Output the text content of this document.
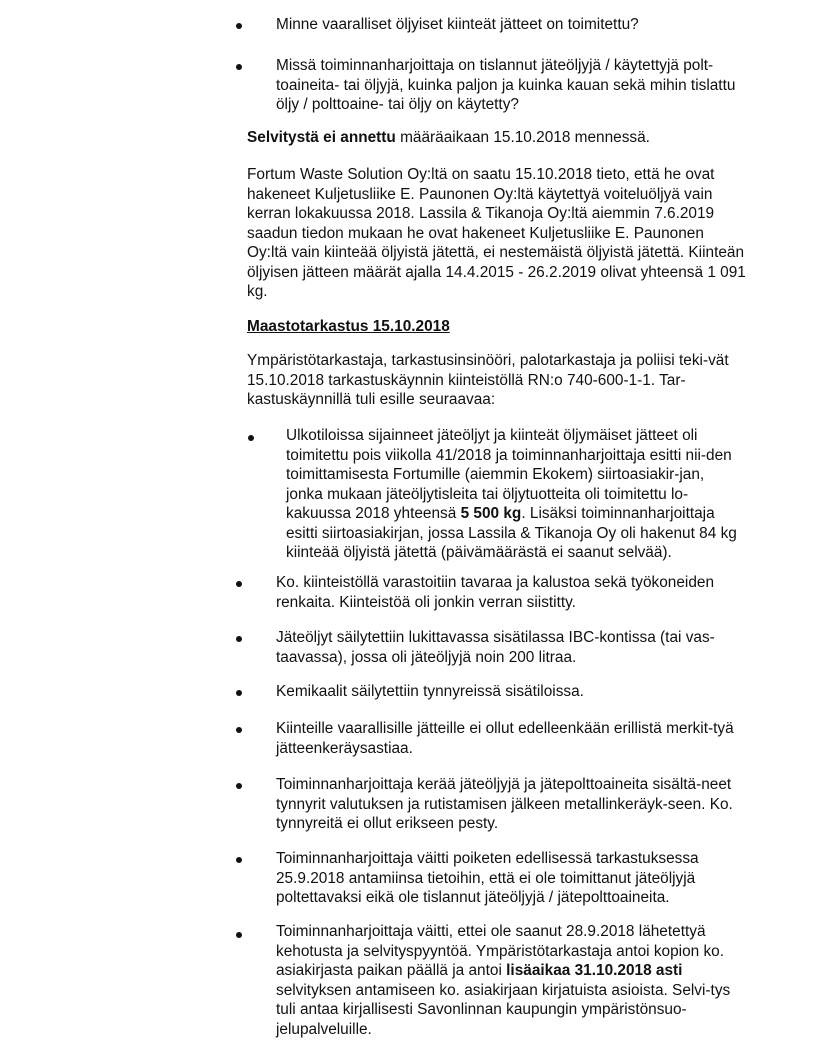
Minne vaaralliset öljyiset kiinteät jätteet on toimitettu?

Missä toiminnanharjoittaja on tislannut jäteöljyjä / käytettyjä polt-toaineita- tai öljyjä, kuinka paljon ja kuinka kauan sekä mihin tislattu öljy / polttoaine- tai öljy on käytetty?

Selvitystä ei annettu määräaikaan 15.10.2018 mennessä.

Fortum Waste Solution Oy:ltä on saatu 15.10.2018 tieto, että he ovat hakeneet Kuljetusliike E. Paunonen Oy:ltä käytettyä voiteluöljyä vain kerran lokakuussa 2018. Lassila & Tikanoja Oy:ltä aiemmin 7.6.2019 saadun tiedon mukaan he ovat hakeneet Kuljetusliike E. Paunonen Oy:ltä vain kiinteää öljyistä jätettä, ei nestemäistä öljyistä jätettä. Kiinteän öljyisen jätteen määrät ajalla 14.4.2015 - 26.2.2019 olivat yhteensä 1 091 kg.

Maastotarkastus 15.10.2018

Ympäristötarkastaja, tarkastusinsinööri, palotarkastaja ja poliisi teki-vät 15.10.2018 tarkastuskäynnin kiinteistöllä RN:o 740-600-1-1. Tar-kastuskäynnillä tuli esille seuraavaa:

Ulkotiloissa sijainneet jäteöljyt ja kiinteät öljymäiset jätteet oli toimitettu pois viikolla 41/2018 ja toiminnanharjoittaja esitti nii-den toimittamisesta Fortumille (aiemmin Ekokem) siirtoasiakir-jan, jonka mukaan jäteöljytisleita tai öljytuotteita oli toimitettu lo-kakuussa 2018 yhteensä 5 500 kg. Lisäksi toiminnanharjoittaja esitti siirtoasiakirjan, jossa Lassila & Tikanoja Oy oli hakenut 84 kg kiinteää öljyistä jätettä (päivämäärästä ei saanut selvää).

Ko. kiinteistöllä varastoitiin tavaraa ja kalustoa sekä työkoneiden renkaita. Kiinteistöä oli jonkin verran siistitty.

Jäteöljyt säilytettiin lukittavassa sisätilassa IBC-kontissa (tai vas-taavassa), jossa oli jäteöljyjä noin 200 litraa.

Kemikaalit säilytettiin tynnyreissä sisätiloissa.

Kiinteille vaarallisille jätteille ei ollut edelleenkään erillistä merkit-tyä jätteenkeräysastiaa.

Toiminnanharjoittaja kerää jäteöljyjä ja jätepolttoaineita sisältä-neet tynnyrit valutuksen ja rutistamisen jälkeen metallinkeräyk-seen. Ko. tynnyreitä ei ollut erikseen pesty.

Toiminnanharjoittaja väitti poiketen edellisessä tarkastuksessa 25.9.2018 antamiinsa tietoihin, että ei ole toimittanut jäteöljyjä poltettavaksi eikä ole tislannut jäteöljyjä / jätepolttoaineita.

Toiminnanharjoittaja väitti, ettei ole saanut 28.9.2018 lähetettyä kehotusta ja selvityspyyntöä. Ympäristötarkastaja antoi kopion ko. asiakirjasta paikan päällä ja antoi lisäaikaa 31.10.2018 asti selvityksen antamiseen ko. asiakirjaan kirjatuista asioista. Selvi-tys tuli antaa kirjallisesti Savonlinnan kaupungin ympäristönsuo-jelupalveluille.
